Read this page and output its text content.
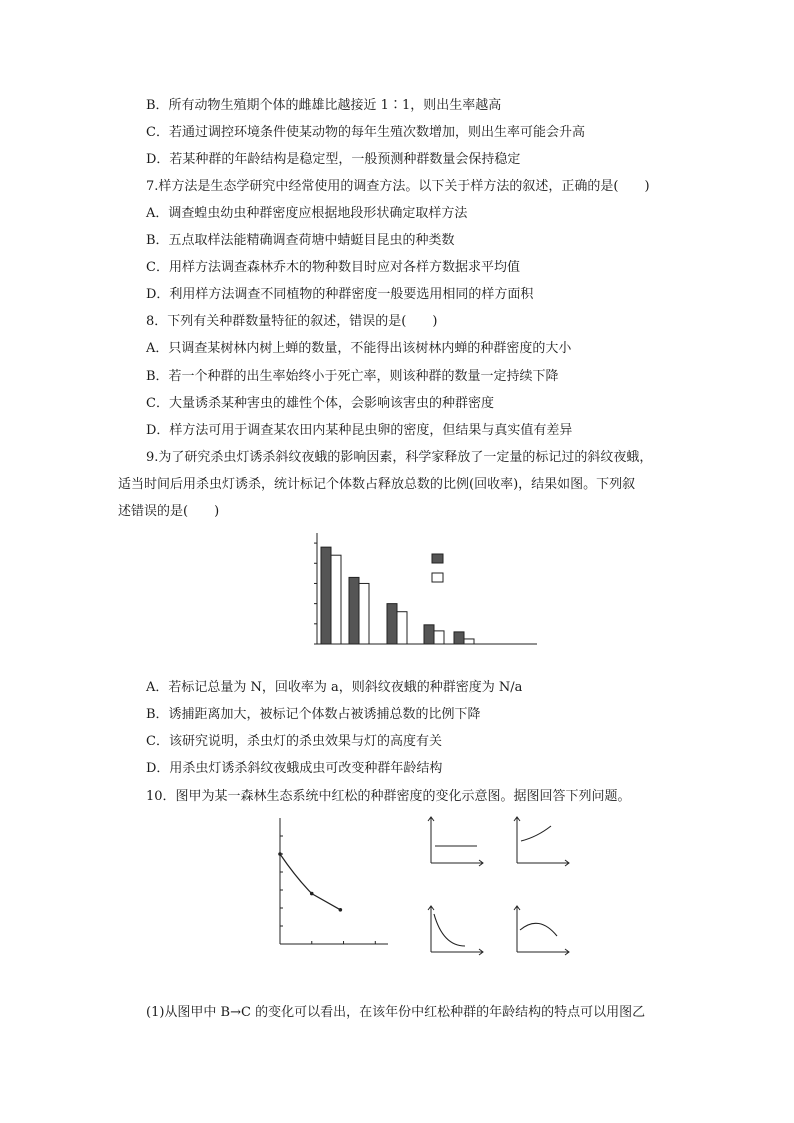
B．所有动物生殖期个体的雌雄比越接近 1∶1，则出生率越高
C．若通过调控环境条件使某动物的每年生殖次数增加，则出生率可能会升高
D．若某种群的年龄结构是稳定型，一般预测种群数量会保持稳定
7.样方法是生态学研究中经常使用的调查方法。以下关于样方法的叙述，正确的是(　　)
A．调查蝗虫幼虫种群密度应根据地段形状确定取样方法
B．五点取样法能精确调查荷塘中蜻蜓目昆虫的种类数
C．用样方法调查森林乔木的物种数目时应对各样方数据求平均值
D．利用样方法调查不同植物的种群密度一般要选用相同的样方面积
8．下列有关种群数量特征的叙述，错误的是(　　)
A．只调查某树林内树上蝉的数量，不能得出该树林内蝉的种群密度的大小
B．若一个种群的出生率始终小于死亡率，则该种群的数量一定持续下降
C．大量诱杀某种害虫的雄性个体，会影响该害虫的种群密度
D．样方法可用于调查某农田内某种昆虫卵的密度，但结果与真实值有差异
9.为了研究杀虫灯诱杀斜纹夜蛾的影响因素，科学家释放了一定量的标记过的斜纹夜蛾，
适当时间后用杀虫灯诱杀，统计标记个体数占释放总数的比例(回收率)，结果如图。下列叙
述错误的是(　　)
A．若标记总量为 N，回收率为 a，则斜纹夜蛾的种群密度为 N/a
B．诱捕距离加大，被标记个体数占被诱捕总数的比例下降
C．该研究说明，杀虫灯的杀虫效果与灯的高度有关
D．用杀虫灯诱杀斜纹夜蛾成虫可改变种群年龄结构
10．图甲为某一森林生态系统中红松的种群密度的变化示意图。据图回答下列问题。
(1)从图甲中 B→C 的变化可以看出，在该年份中红松种群的年龄结构的特点可以用图乙
